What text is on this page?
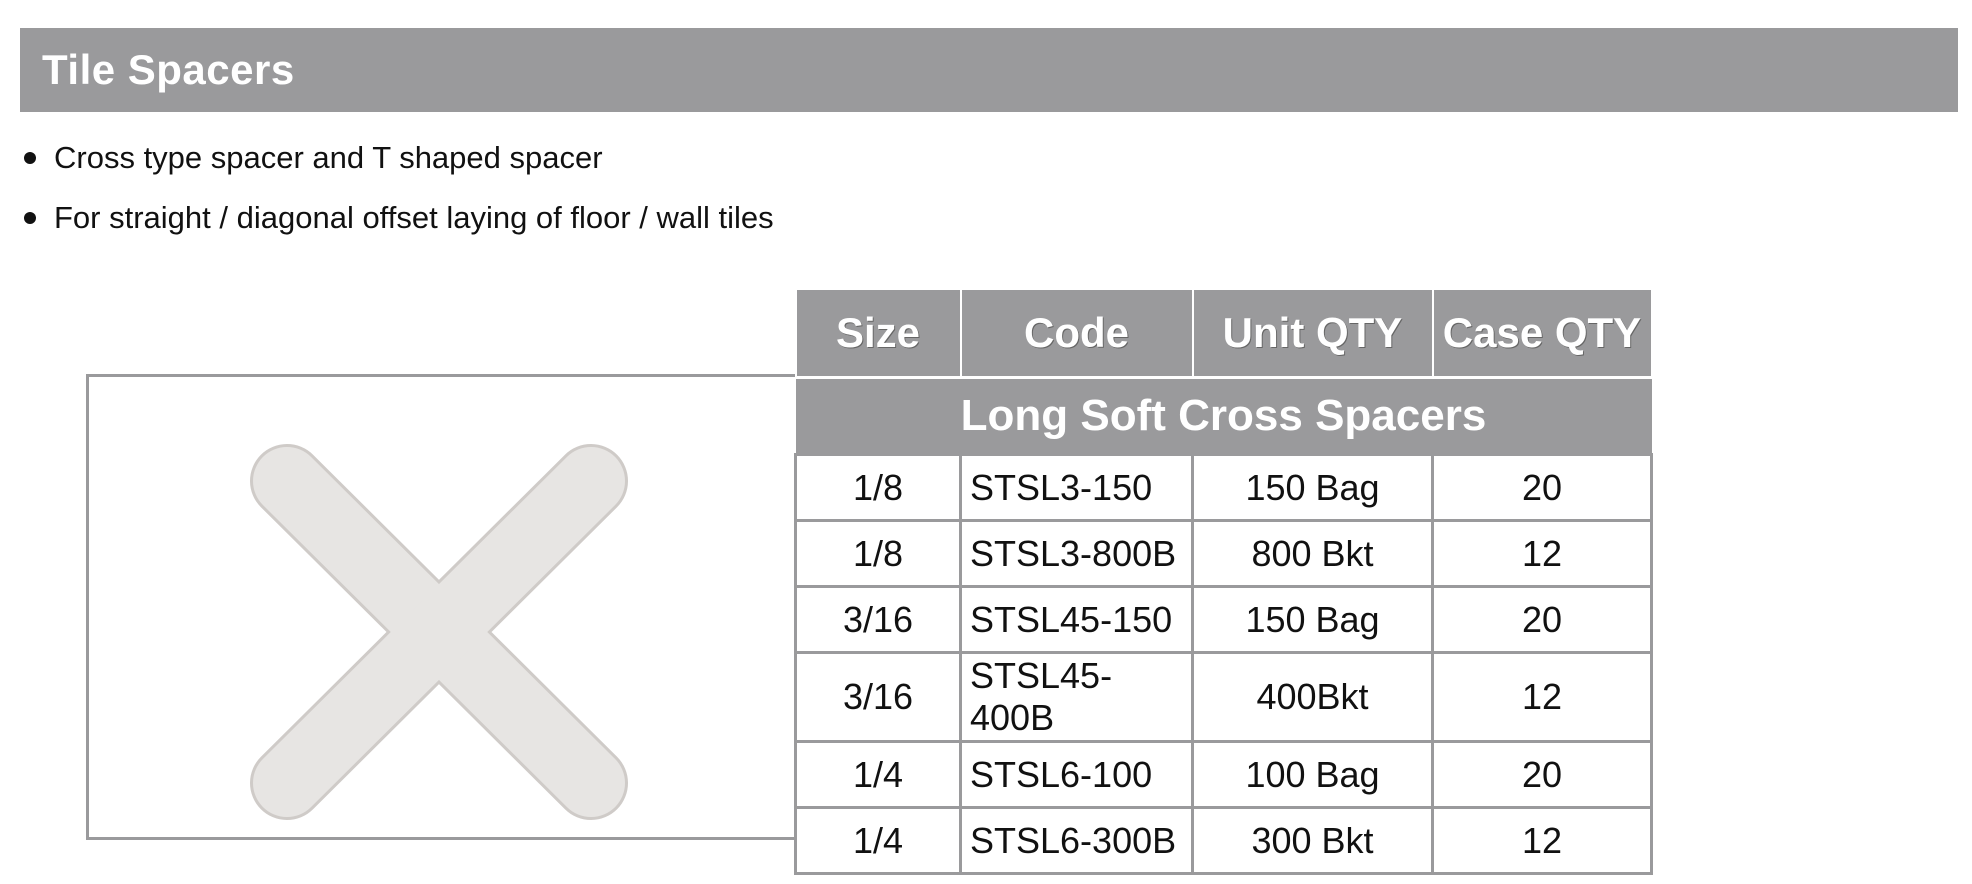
Tile Spacers
Cross type spacer and T shaped spacer
For straight / diagonal offset laying of floor / wall tiles
Size	Code	Unit QTY	Case QTY
Long Soft Cross Spacers			
1/8	STSL3-150	150 Bag	20
1/8	STSL3-800B	800 Bkt	12
3/16	STSL45-150	150 Bag	20
3/16	STSL45-400B	400Bkt	12
1/4	STSL6-100	100 Bag	20
1/4	STSL6-300B	300 Bkt	12
